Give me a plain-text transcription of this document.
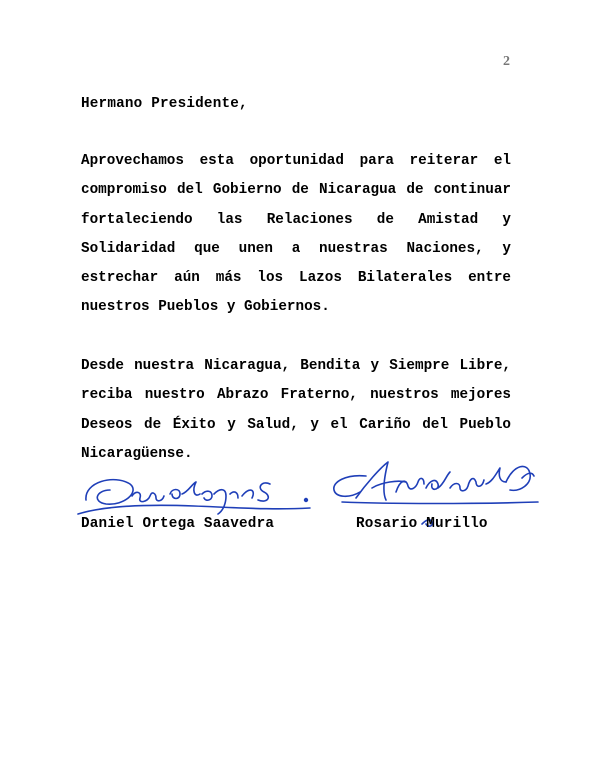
2
Hermano Presidente,

Aprovechamos esta oportunidad para reiterar el compromiso del Gobierno de Nicaragua de continuar fortaleciendo las Relaciones de Amistad y Solidaridad que unen a nuestras Naciones, y estrechar aún más los Lazos Bilaterales entre nuestros Pueblos y Gobiernos.

Desde nuestra Nicaragua, Bendita y Siempre Libre, reciba nuestro Abrazo Fraterno, nuestros mejores Deseos de Éxito y Salud, y el Cariño del Pueblo Nicaragüense.

Daniel Ortega Saavedra	Rosario Murillo
